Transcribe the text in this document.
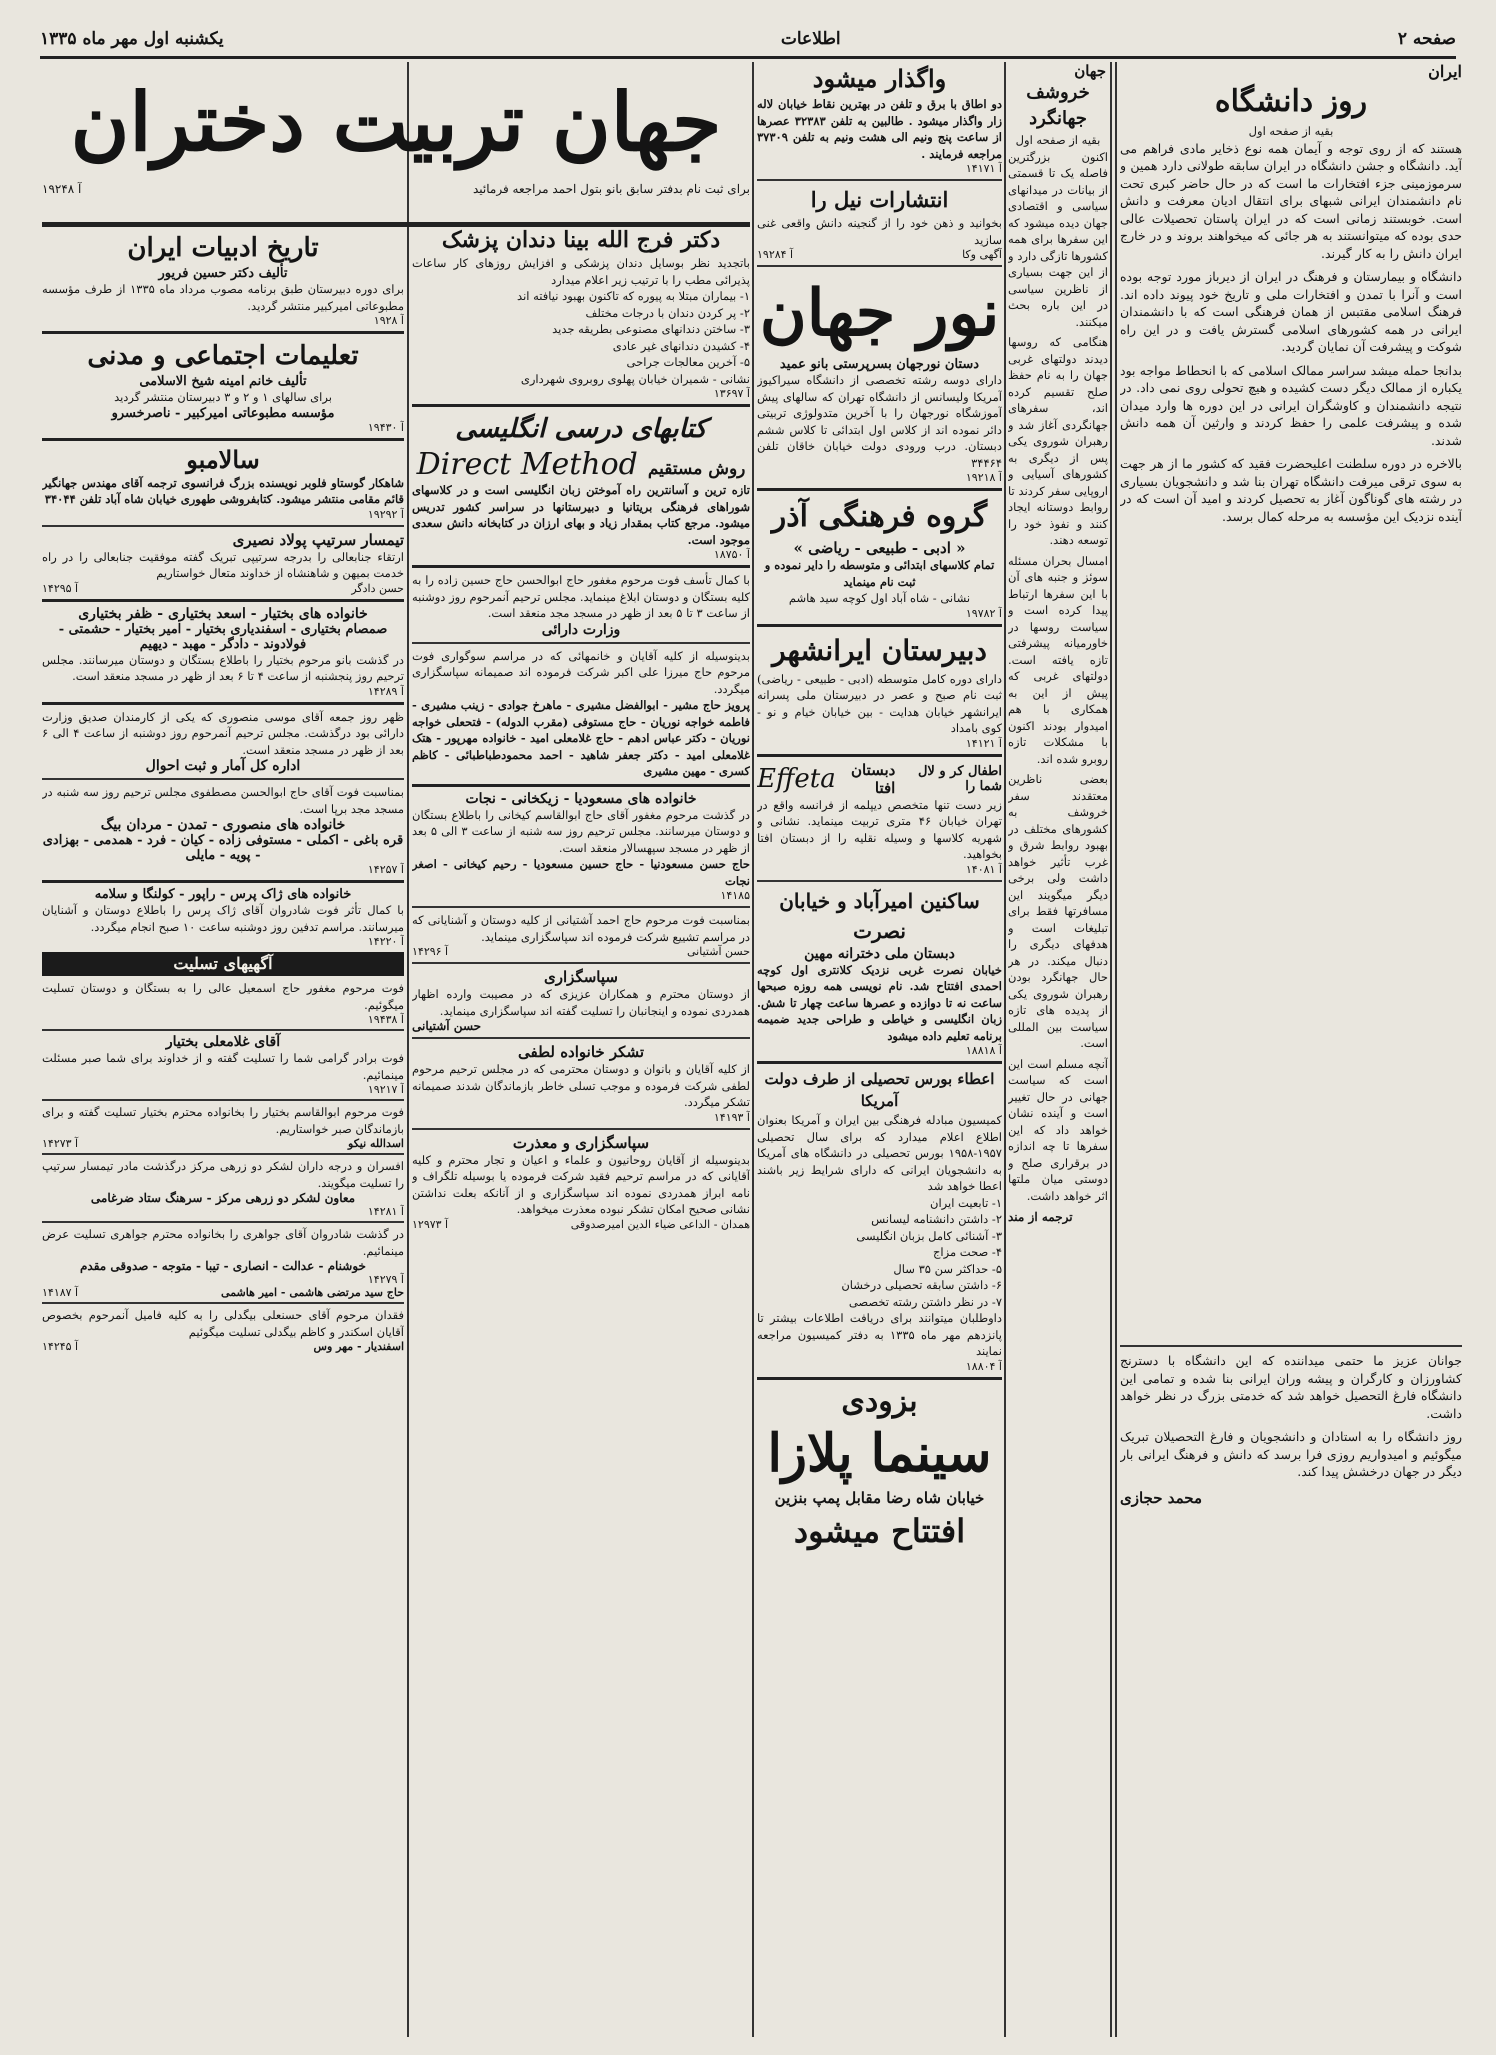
صفحه ۲
اطلاعات
یکشنبه اول مهر ماه ۱۳۳۵
ایران
روز دانشگاه
بقیه از صفحه اول
هستند که از روی توجه و آیمان همه نوع ذخایر مادی فراهم می آید. دانشگاه و جشن دانشگاه در ایران سابقه طولانی دارد همین و سرموزمینی جزء افتخارات ما است که در حال حاضر کبری تحت نام دانشمندان ایرانی شبهای برای انتقال ادیان معرفت و دانش است. خوبستند زمانی است که در ایران پاستان تحصیلات عالی حدی بوده که میتوانستند به هر جائی که میخواهند بروند و در خارج ایران دانش را به کار گیرند.
دانشگاه و بیمارستان و فرهنگ در ایران از دیرباز مورد توجه بوده است و آنرا با تمدن و افتخارات ملی و تاریخ خود پیوند داده اند. فرهنگ اسلامی مقتبس از همان فرهنگی است که با دانشمندان ایرانی در همه کشورهای اسلامی گسترش یافت و در این راه شوکت و پیشرفت آن نمایان گردید.
بدانجا حمله میشد سراسر ممالک اسلامی که با انحطاط مواجه بود یکباره از ممالک دیگر دست کشیده و هیچ تحولی روی نمی داد. در نتیجه دانشمندان و کاوشگران ایرانی در این دوره ها وارد میدان شده و پیشرفت علمی را حفظ کردند و وارثین آن همه دانش شدند.
بالاخره در دوره سلطنت اعلیحضرت فقید که کشور ما از هر جهت به سوی ترقی میرفت دانشگاه تهران بنا شد و دانشجویان بسیاری در رشته های گوناگون آغاز به تحصیل کردند و امید آن است که در آینده نزدیک این مؤسسه به مرحله کمال برسد.
جوانان عزیز ما حتمی میداننده که این دانشگاه با دسترنج کشاورزان و کارگران و پیشه وران ایرانی بنا شده و تمامی این دانشگاه فارغ التحصیل خواهد شد که خدمتی بزرگ در نظر خواهد داشت.
روز دانشگاه را به استادان و دانشجویان و فارغ التحصیلان تبریک میگوئیم و امیدواریم روزی فرا برسد که دانش و فرهنگ ایرانی بار دیگر در جهان درخشش پیدا کند.
محمد حجازی
جهان
خروشف جهانگرد
بقیه از صفحه اول
اکنون بزرگترین فاصله یک تا قسمتی از بیانات در میدانهای سیاسی و اقتصادی جهان دیده میشود که این سفرها برای همه کشورها تازگی دارد و از این جهت بسیاری از ناظرین سیاسی در این باره بحث میکنند.
هنگامی که روسها دیدند دولتهای غربی جهان را به نام حفظ صلح تقسیم کرده اند، سفرهای جهانگردی آغاز شد و رهبران شوروی یکی پس از دیگری به کشورهای آسیایی و اروپایی سفر کردند تا روابط دوستانه ایجاد کنند و نفوذ خود را توسعه دهند.
امسال بحران مسئله سوئز و جنبه های آن با این سفرها ارتباط پیدا کرده است و سیاست روسها در خاورمیانه پیشرفتی تازه یافته است. دولتهای غربی که پیش از این به همکاری با هم امیدوار بودند اکنون با مشکلات تازه روبرو شده اند.
بعضی ناظرین معتقدند سفر خروشف به کشورهای مختلف در بهبود روابط شرق و غرب تأثیر خواهد داشت ولی برخی دیگر میگویند این مسافرتها فقط برای تبلیغات است و هدفهای دیگری را دنبال میکند. در هر حال جهانگرد بودن رهبران شوروی یکی از پدیده های تازه سیاست بین المللی است.
آنچه مسلم است این است که سیاست جهانی در حال تغییر است و آینده نشان خواهد داد که این سفرها تا چه اندازه در برقراری صلح و دوستی میان ملتها اثر خواهد داشت.
ترجمه از مند
واگذار میشود
دو اطاق با برق و تلفن در بهترین نقاط خیابان لاله زار واگذار میشود . طالبین به تلفن ۳۲۳۸۳ عصرها از ساعت پنج ونیم الی هشت ونیم به تلفن ۳۷۳۰۹ مراجعه فرمایند .
آ ۱۴۱۷۱
انتشارات نیل را
بخوانید و ذهن خود را از گنجینه دانش واقعی غنی سازید
آگهی وکا
آ ۱۹۲۸۴
نور جهان
دستان نورجهان بسرپرستی بانو عمید
دارای دوسه رشته تخصصی از دانشگاه سیراکیوز آمریکا ولیسانس از دانشگاه تهران که سالهای پیش آموزشگاه نورجهان را با آخرین متدولوژی تربیتی دائر نموده اند از کلاس اول ابتدائی تا کلاس ششم دبستان. درب ورودی دولت خیابان خاقان تلفن ۳۴۴۶۴
آ ۱۹۲۱۸
گروه فرهنگی آذر
« ادبی - طبیعی - ریاضی »
تمام کلاسهای ابتدائی و متوسطه را دایر نموده و ثبت نام مینماید
نشانی - شاه آباد اول کوچه سید هاشم
آ ۱۹۷۸۲
دبیرستان ایرانشهر
دارای دوره کامل متوسطه (ادبی - طبیعی - ریاضی) ثبت نام صبح و عصر در دبیرستان ملی پسرانه ایرانشهر خیابان هدایت - بین خیابان خیام و نو - کوی بامداد
آ ۱۴۱۲۱
اطفال کر و لال شما را
دبستان افتا
Effeta
زیر دست تنها متخصص دیپلمه از فرانسه واقع در تهران خیابان ۴۶ متری تربیت مینماید. نشانی و شهریه کلاسها و وسیله نقلیه را از دبستان افتا بخواهید.
آ ۱۴۰۸۱
ساکنین امیرآباد و خیابان نصرت
دبستان ملی دخترانه مهین
خیابان نصرت غربی نزدیک کلانتری اول کوچه احمدی افتتاح شد. نام نویسی همه روزه صبحها ساعت نه تا دوازده و عصرها ساعت چهار تا شش. زبان انگلیسی و خیاطی و طراحی جدید ضمیمه برنامه تعلیم داده میشود
آ ۱۸۸۱۸
اعطاء بورس تحصیلی از طرف دولت آمریکا
کمیسیون مبادله فرهنگی بین ایران و آمریکا بعنوان اطلاع اعلام میدارد که برای سال تحصیلی ۱۹۵۷-۱۹۵۸ بورس تحصیلی در دانشگاه های آمریکا به دانشجویان ایرانی که دارای شرایط زیر باشند اعطا خواهد شد
۱- تابعیت ایران
۲- داشتن دانشنامه لیسانس
۳- آشنائی کامل بزبان انگلیسی
۴- صحت مزاج
۵- حداکثر سن ۳۵ سال
۶- داشتن سابقه تحصیلی درخشان
۷- در نظر داشتن رشته تخصصی
داوطلبان میتوانند برای دریافت اطلاعات بیشتر تا پانزدهم مهر ماه ۱۳۳۵ به دفتر کمیسیون مراجعه نمایند
آ ۱۸۸۰۴
بزودی
سینما پلازا
خیابان شاه رضا مقابل پمپ بنزین
افتتاح میشود
دکتر فرج الله بینا دندان پزشک
باتجدید نظر بوسایل دندان پزشکی و افزایش روزهای کار ساعات پذیرائی مطب را با ترتیب زیر اعلام میدارد
۱- بیماران مبتلا به پیوره که تاکنون بهبود نیافته اند
۲- پر کردن دندان با درجات مختلف
۳- ساختن دندانهای مصنوعی بطریقه جدید
۴- کشیدن دندانهای غیر عادی
۵- آخرین معالجات جراحی
نشانی - شمیران خیابان پهلوی روبروی شهرداری
آ ۱۳۶۹۷
کتابهای درسی انگلیسی
روش مستقیم
Direct Method
تازه ترین و آسانترین راه آموختن زبان انگلیسی است و در کلاسهای شوراهای فرهنگی بریتانیا و دبیرستانها در سراسر کشور تدریس میشود. مرجع کتاب بمقدار زیاد و بهای ارزان در کتابخانه دانش سعدی موجود است.
آ ۱۸۷۵۰
با کمال تأسف فوت مرحوم مغفور حاج ابوالحسن حاج حسین زاده را به کلیه بستگان و دوستان ابلاغ مینماید. مجلس ترحیم آنمرحوم روز دوشنبه از ساعت ۳ تا ۵ بعد از ظهر در مسجد مجد منعقد است.
وزارت دارائی
بدینوسیله از کلیه آقایان و خانمهائی که در مراسم سوگواری فوت مرحوم حاج میرزا علی اکبر شرکت فرموده اند صمیمانه سپاسگزاری میگردد.
پرویز حاج مشیر - ابوالفضل مشیری - ماهرخ جوادی - زینب مشیری - فاطمه خواجه نوریان - حاج مستوفی (مقرب الدوله) - فتحعلی خواجه نوریان - دکتر عباس ادهم - حاج غلامعلی امید - خانواده مهرپور - هتک غلامعلی امید - دکتر جعفر شاهید - احمد محمودطباطبائی - کاظم کسری - مهین مشیری
خانواده های مسعودیا - زیکخانی - نجات
در گذشت مرحوم مغفور آقای حاج ابوالقاسم کیخانی را باطلاع بستگان و دوستان میرسانند. مجلس ترحیم روز سه شنبه از ساعت ۳ الی ۵ بعد از ظهر در مسجد سپهسالار منعقد است.
حاج حسن مسعودنیا - حاج حسین مسعودیا - رحیم کیخانی - اصغر نجات
۱۴۱۸۵
بمناسبت فوت مرحوم حاج احمد آشتیانی از کلیه دوستان و آشنایانی که در مراسم تشییع شرکت فرموده اند سپاسگزاری مینماید.
حسن آشتیانی
آ ۱۴۲۹۶
سپاسگزاری
از دوستان محترم و همکاران عزیزی که در مصیبت وارده اظهار همدردی نموده و اینجانبان را تسلیت گفته اند سپاسگزاری مینماید.
حسن آشتیانی
تشکر خانواده لطفی
از کلیه آقایان و بانوان و دوستان محترمی که در مجلس ترحیم مرحوم لطفی شرکت فرموده و موجب تسلی خاطر بازماندگان شدند صمیمانه تشکر میگردد.
آ ۱۴۱۹۳
سپاسگزاری و معذرت
بدینوسیله از آقایان روحانیون و علماء و اعیان و تجار محترم و کلیه آقایانی که در مراسم ترحیم فقید شرکت فرموده یا بوسیله تلگراف و نامه ابراز همدردی نموده اند سپاسگزاری و از آنانکه بعلت نداشتن نشانی صحیح امکان تشکر نبوده معذرت میخواهد.
همدان - الداعی ضیاء الدین امیرصدوقی
آ ۱۲۹۷۳
جهان تربیت دختران
برای ثبت نام بدفتر سابق بانو بتول احمد مراجعه فرمائید
آ ۱۹۲۴۸
تاریخ ادبیات ایران
تألیف دکتر حسین فریور
برای دوره دبیرستان طبق برنامه مصوب مرداد ماه ۱۳۳۵ از طرف مؤسسه مطبوعاتی امیرکبیر منتشر گردید.
آ ۱۹۲۸
تعلیمات اجتماعی و مدنی
تألیف خانم امینه شیخ الاسلامی
برای سالهای ۱ و ۲ و ۳ دبیرستان منتشر گردید
مؤسسه مطبوعاتی امیرکبیر - ناصرخسرو
آ ۱۹۴۳۰
سالامبو
شاهکار گوستاو فلوبر نویسنده بزرگ فرانسوی ترجمه آقای مهندس جهانگیر قائم مقامی منتشر میشود. کتابفروشی طهوری خیابان شاه آباد تلفن ۳۴۰۴۴
آ ۱۹۲۹۲
تیمسار سرتیپ پولاد نصیری
ارتقاء جنابعالی را بدرجه سرتیپی تبریک گفته موفقیت جنابعالی را در راه خدمت بمیهن و شاهنشاه از خداوند متعال خواستاریم
حسن دادگر
آ ۱۴۲۹۵
خانواده های بختیار - اسعد بختیاری - ظفر بختیاری
صمصام بختیاری - اسفندیاری بختیار - امیر بختیار - حشمتی - فولادوند - دادگر - مهبد - دیهیم
در گذشت بانو مرحوم بختیار را باطلاع بستگان و دوستان میرسانند. مجلس ترحیم روز پنجشنبه از ساعت ۴ تا ۶ بعد از ظهر در مسجد منعقد است.
آ ۱۴۲۸۹
ظهر روز جمعه آقای موسی منصوری که یکی از کارمندان صدیق وزارت دارائی بود درگذشت. مجلس ترحیم آنمرحوم روز دوشنبه از ساعت ۴ الی ۶ بعد از ظهر در مسجد منعقد است.
اداره کل آمار و ثبت احوال
بمناسبت فوت آقای حاج ابوالحسن مصطفوی مجلس ترحیم روز سه شنبه در مسجد مجد برپا است.
خانواده های منصوری - تمدن - مردان بیگ
قره باغی - اکملی - مستوفی زاده - کیان - فرد - همدمی - بهزادی - پویه - مایلی
آ ۱۴۲۵۷
خانواده های ژاک پرس - راپور - کولنگا و سلامه
با کمال تأثر فوت شادروان آقای ژاک پرس را باطلاع دوستان و آشنایان میرسانند. مراسم تدفین روز دوشنبه ساعت ۱۰ صبح انجام میگردد.
آ ۱۴۲۲۰
آگهیهای تسلیت
فوت مرحوم مغفور حاج اسمعیل عالی را به بستگان و دوستان تسلیت میگوئیم.
آ ۱۹۴۳۸
آقای غلامعلی بختیار
فوت برادر گرامی شما را تسلیت گفته و از خداوند برای شما صبر مسئلت مینمائیم.
آ ۱۹۲۱۷
فوت مرحوم ابوالقاسم بختیار را بخانواده محترم بختیار تسلیت گفته و برای بازماندگان صبر خواستاریم.
اسدالله نیکو
آ ۱۴۲۷۳
افسران و درجه داران لشکر دو زرهی مرکز درگذشت مادر تیمسار سرتیپ را تسلیت میگویند.
معاون لشکر دو زرهی مرکز - سرهنگ ستاد ضرغامی
آ ۱۴۲۸۱
در گذشت شادروان آقای جواهری را بخانواده محترم جواهری تسلیت عرض مینمائیم.
خوشنام - عدالت - انصاری - تیبا - متوجه - صدوقی مقدم
آ ۱۴۲۷۹
حاج سید مرتضی هاشمی - امیر هاشمی
آ ۱۴۱۸۷
فقدان مرحوم آقای حسنعلی بیگدلی را به کلیه فامیل آنمرحوم بخصوص آقایان اسکندر و کاظم بیگدلی تسلیت میگوئیم
اسفندیار - مهر وس
آ ۱۴۲۴۵
